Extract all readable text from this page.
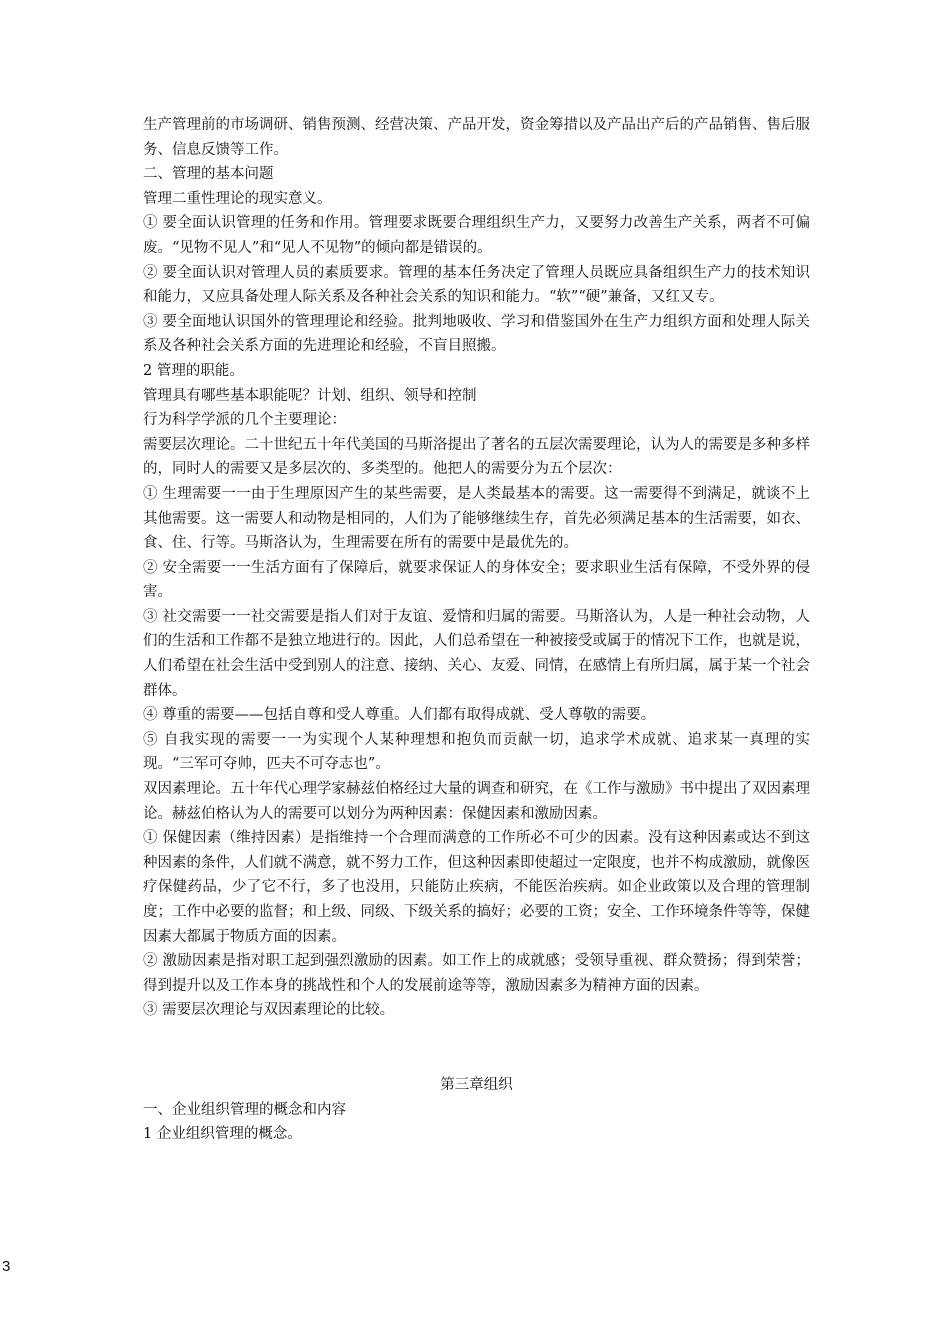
生产管理前的市场调研、销售预测、经营决策、产品开发，资金筹措以及产品出产后的产品销售、售后服务、信息反馈等工作。

二、管理的基本问题

管理二重性理论的现实意义。

① 要全面认识管理的任务和作用。管理要求既要合理组织生产力，又要努力改善生产关系，两者不可偏废。“见物不见人”和“见人不见物”的倾向都是错误的。

② 要全面认识对管理人员的素质要求。管理的基本任务决定了管理人员既应具备组织生产力的技术知识和能力，又应具备处理人际关系及各种社会关系的知识和能力。“软”“硬”兼备，又红又专。

③ 要全面地认识国外的管理理论和经验。批判地吸收、学习和借鉴国外在生产力组织方面和处理人际关系及各种社会关系方面的先进理论和经验，不盲目照搬。

2 管理的职能。

管理具有哪些基本职能呢？计划、组织、领导和控制

行为科学学派的几个主要理论：

需要层次理论。二十世纪五十年代美国的马斯洛提出了著名的五层次需要理论，认为人的需要是多种多样的，同时人的需要又是多层次的、多类型的。他把人的需要分为五个层次：

① 生理需要一一由于生理原因产生的某些需要，是人类最基本的需要。这一需要得不到满足，就谈不上其他需要。这一需要人和动物是相同的，人们为了能够继续生存，首先必须满足基本的生活需要，如衣、食、住、行等。马斯洛认为，生理需要在所有的需要中是最优先的。

② 安全需要一一生活方面有了保障后，就要求保证人的身体安全；要求职业生活有保障，不受外界的侵害。

③ 社交需要一一社交需要是指人们对于友谊、爱情和归属的需要。马斯洛认为，人是一种社会动物，人们的生活和工作都不是独立地进行的。因此，人们总希望在一种被接受或属于的情况下工作，也就是说，人们希望在社会生活中受到别人的注意、接纳、关心、友爱、同情，在感情上有所归属，属于某一个社会群体。

④ 尊重的需要——包括自尊和受人尊重。人们都有取得成就、受人尊敬的需要。

⑤ 自我实现的需要一一为实现个人某种理想和抱负而贡献一切，追求学术成就、追求某一真理的实现。“三军可夺帅，匹夫不可夺志也”。

双因素理论。五十年代心理学家赫兹伯格经过大量的调查和研究，在《工作与激励》书中提出了双因素理论。赫兹伯格认为人的需要可以划分为两种因素：保健因素和激励因素。

① 保健因素（维持因素）是指维持一个合理而满意的工作所必不可少的因素。没有这种因素或达不到这种因素的条件，人们就不满意，就不努力工作，但这种因素即使超过一定限度，也并不构成激励，就像医疗保健药品，少了它不行，多了也没用，只能防止疾病，不能医治疾病。如企业政策以及合理的管理制度；工作中必要的监督；和上级、同级、下级关系的搞好；必要的工资；安全、工作环境条件等等，保健因素大都属于物质方面的因素。

② 激励因素是指对职工起到强烈激励的因素。如工作上的成就感；受领导重视、群众赞扬；得到荣誉；得到提升以及工作本身的挑战性和个人的发展前途等等，激励因素多为精神方面的因素。

③ 需要层次理论与双因素理论的比较。

第三章组织

一、企业组织管理的概念和内容

1 企业组织管理的概念。

3
